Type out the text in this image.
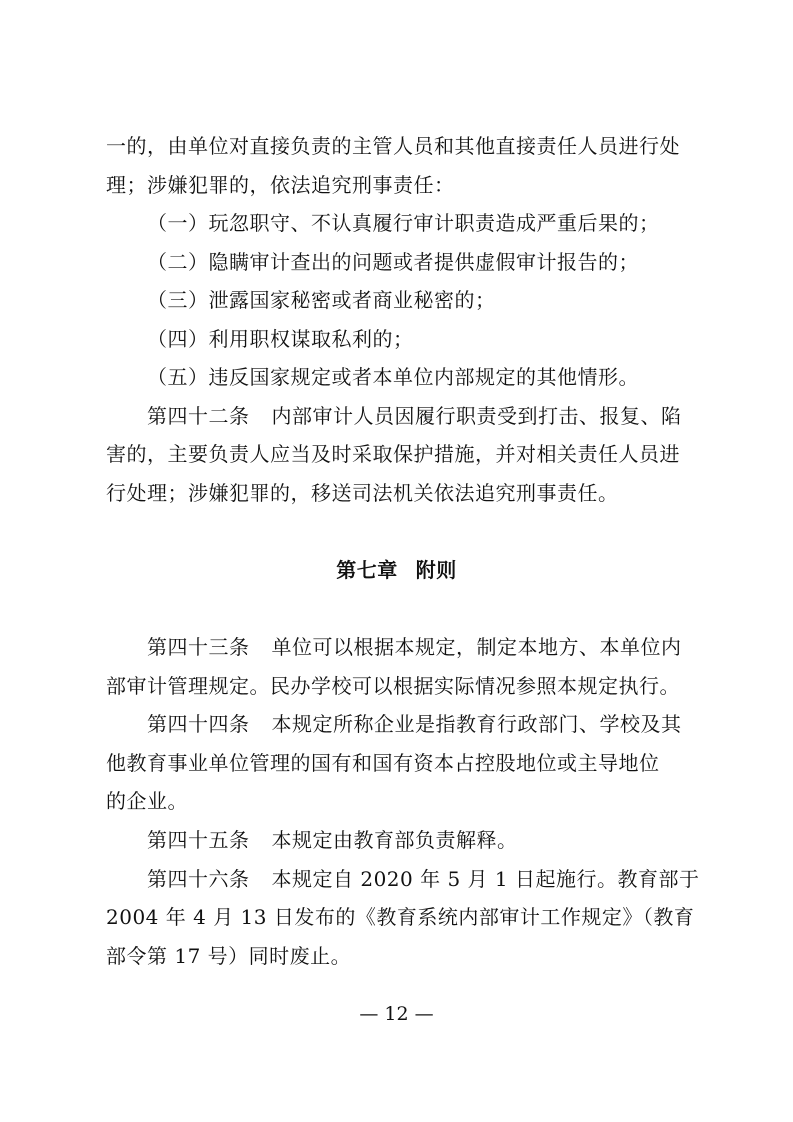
一的，由单位对直接负责的主管人员和其他直接责任人员进行处
理；涉嫌犯罪的，依法追究刑事责任：
（一）玩忽职守、不认真履行审计职责造成严重后果的；
（二）隐瞒审计查出的问题或者提供虚假审计报告的；
（三）泄露国家秘密或者商业秘密的；
（四）利用职权谋取私利的；
（五）违反国家规定或者本单位内部规定的其他情形。
第四十二条 内部审计人员因履行职责受到打击、报复、陷
害的，主要负责人应当及时采取保护措施，并对相关责任人员进
行处理；涉嫌犯罪的，移送司法机关依法追究刑事责任。
第七章 附则
第四十三条 单位可以根据本规定，制定本地方、本单位内
部审计管理规定。民办学校可以根据实际情况参照本规定执行。
第四十四条 本规定所称企业是指教育行政部门、学校及其
他教育事业单位管理的国有和国有资本占控股地位或主导地位
的企业。
第四十五条 本规定由教育部负责解释。
第四十六条 本规定自 2020 年 5 月 1 日起施行。教育部于
2004 年 4 月 13 日发布的《教育系统内部审计工作规定》（教育
部令第 17 号）同时废止。
— 12 —
